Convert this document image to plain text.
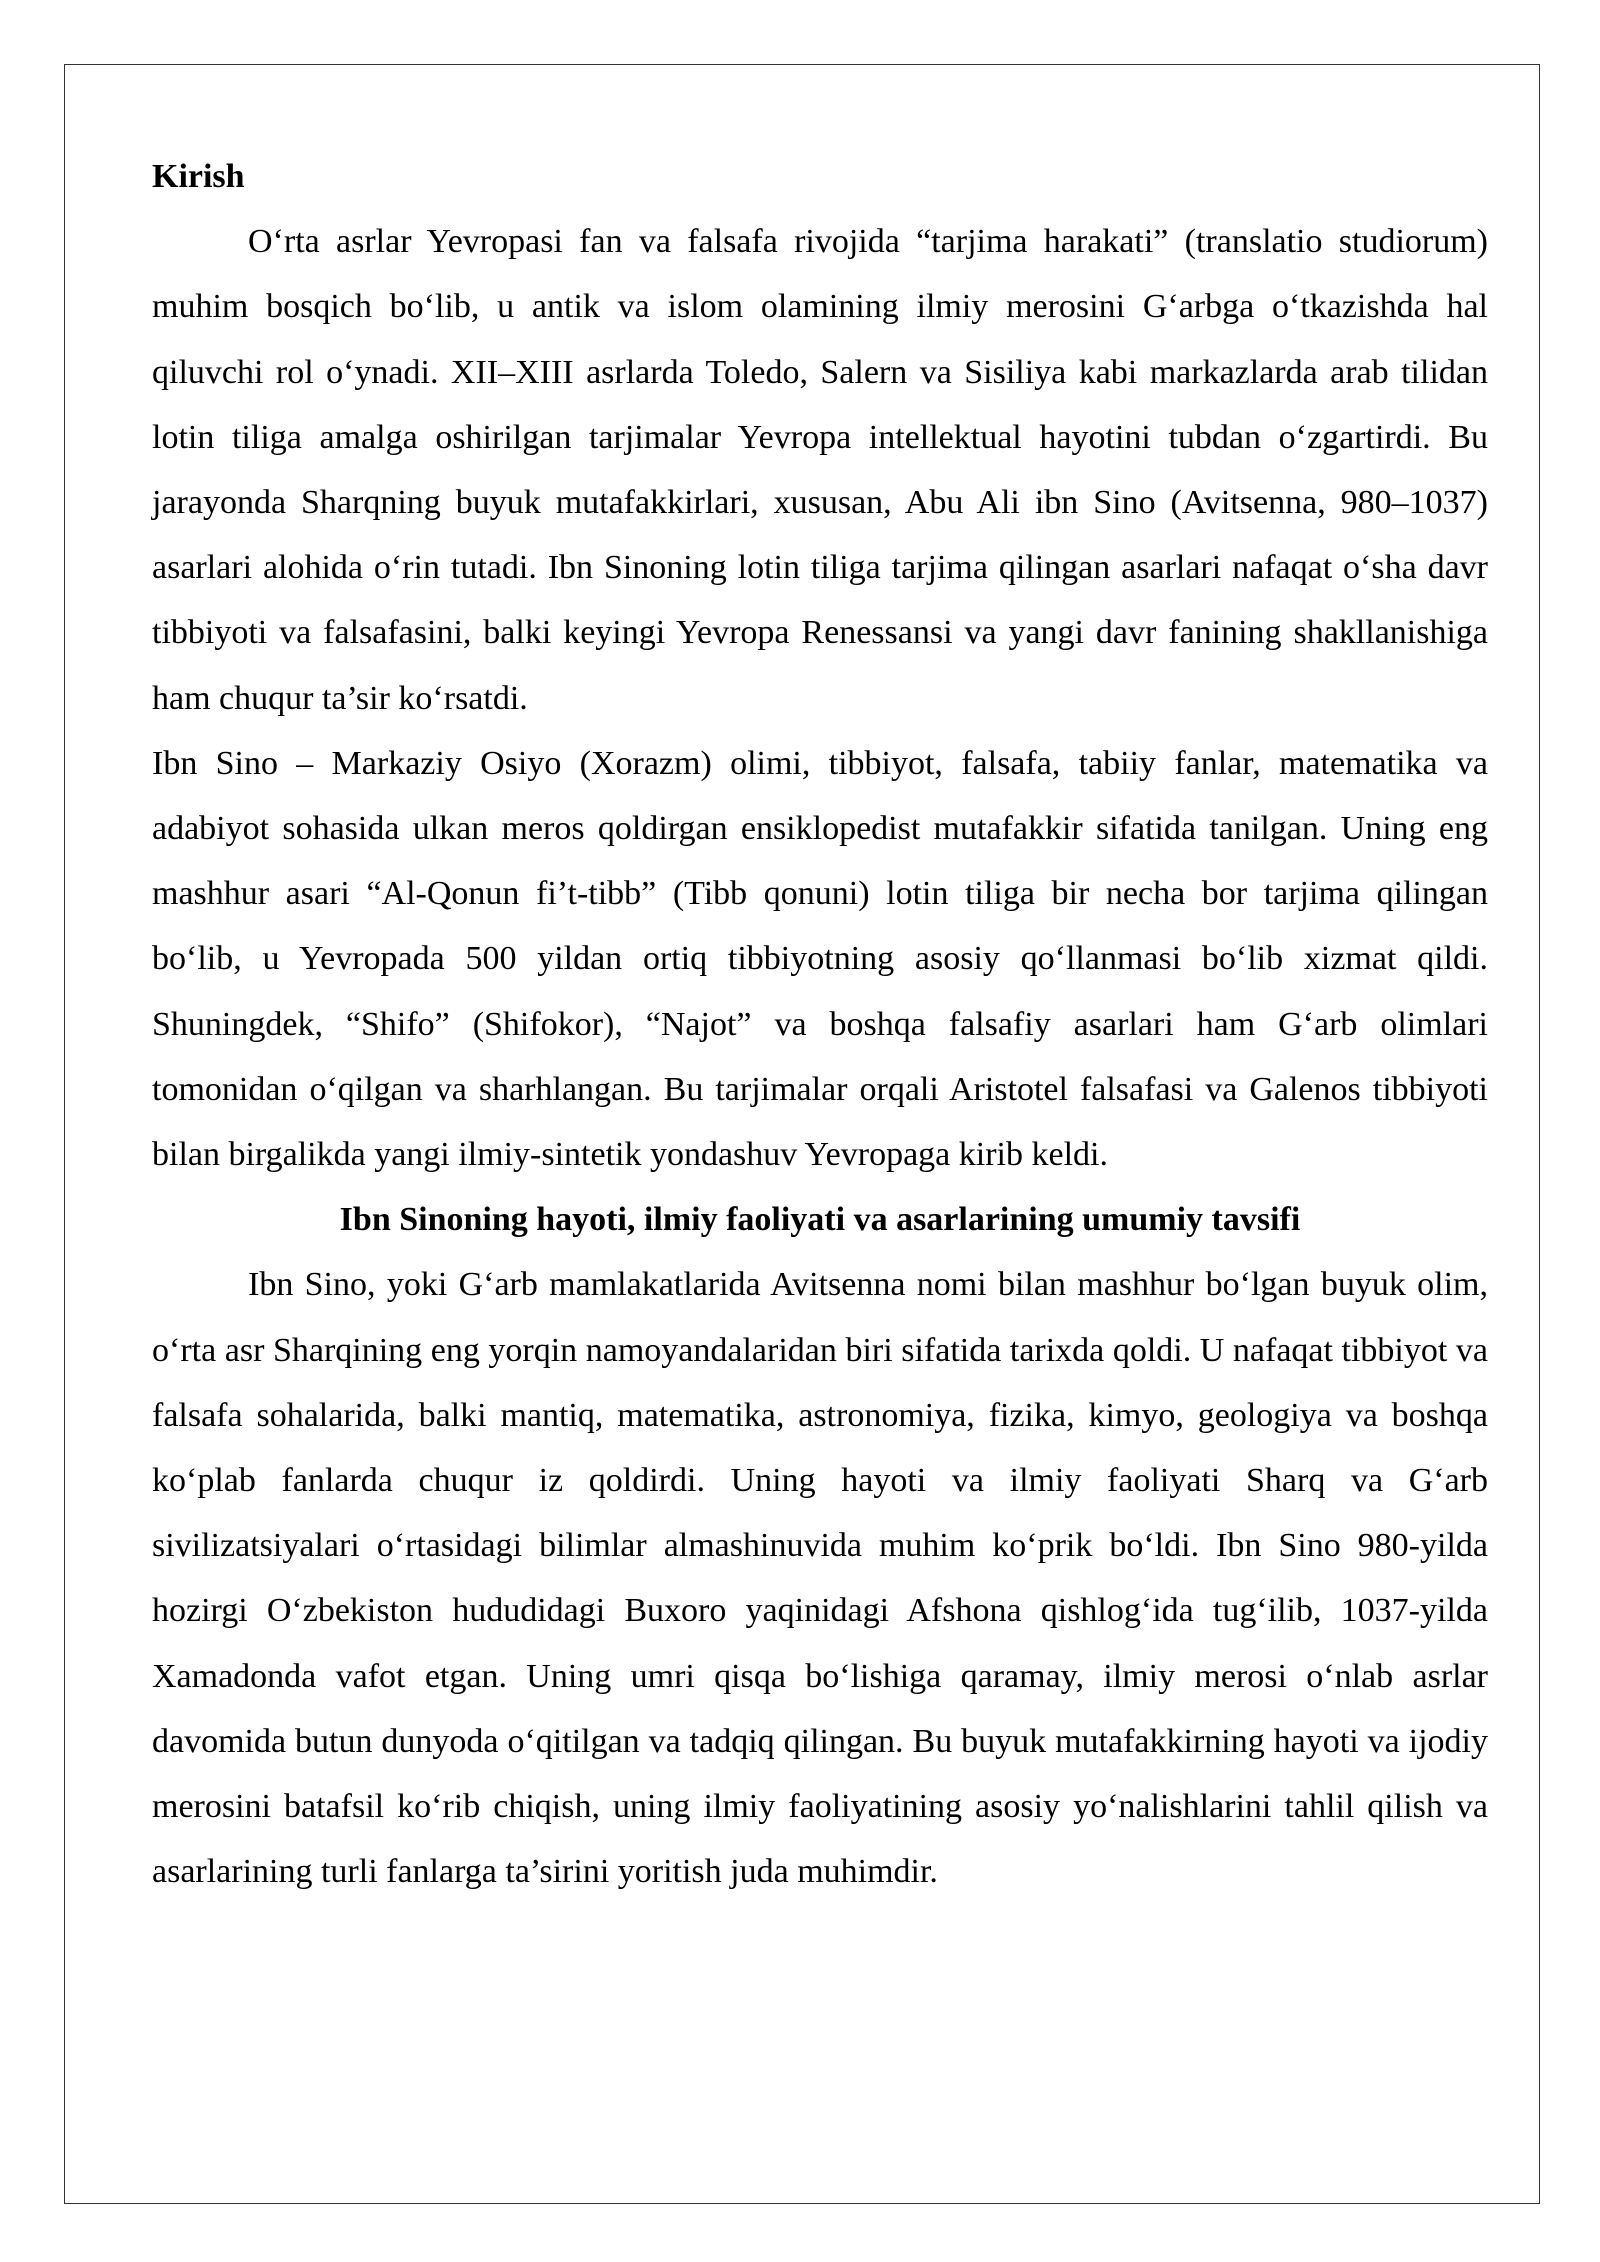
Kirish

O‘rta asrlar Yevropasi fan va falsafa rivojida “tarjima harakati” (translatio studiorum) muhim bosqich bo‘lib, u antik va islom olamining ilmiy merosini G‘arbga o‘tkazishda hal qiluvchi rol o‘ynadi. XII–XIII asrlarda Toledo, Salern va Sisiliya kabi markazlarda arab tilidan lotin tiliga amalga oshirilgan tarjimalar Yevropa intellektual hayotini tubdan o‘zgartirdi. Bu jarayonda Sharqning buyuk mutafakkirlari, xususan, Abu Ali ibn Sino (Avitsenna, 980–1037) asarlari alohida o‘rin tutadi. Ibn Sinoning lotin tiliga tarjima qilingan asarlari nafaqat o‘sha davr tibbiyoti va falsafasini, balki keyingi Yevropa Renessansi va yangi davr fanining shakllanishiga ham chuqur ta’sir ko‘rsatdi.

Ibn Sino – Markaziy Osiyo (Xorazm) olimi, tibbiyot, falsafa, tabiiy fanlar, matematika va adabiyot sohasida ulkan meros qoldirgan ensiklopedist mutafakkir sifatida tanilgan. Uning eng mashhur asari “Al-Qonun fi’t-tibb” (Tibb qonuni) lotin tiliga bir necha bor tarjima qilingan bo‘lib, u Yevropada 500 yildan ortiq tibbiyotning asosiy qo‘llanmasi bo‘lib xizmat qildi. Shuningdek, “Shifo” (Shifokor), “Najot” va boshqa falsafiy asarlari ham G‘arb olimlari tomonidan o‘qilgan va sharhlangan. Bu tarjimalar orqali Aristotel falsafasi va Galenos tibbiyoti bilan birgalikda yangi ilmiy-sintetik yondashuv Yevropaga kirib keldi.

Ibn Sinoning hayoti, ilmiy faoliyati va asarlarining umumiy tavsifi

Ibn Sino, yoki G‘arb mamlakatlarida Avitsenna nomi bilan mashhur bo‘lgan buyuk olim, o‘rta asr Sharqining eng yorqin namoyandalaridan biri sifatida tarixda qoldi. U nafaqat tibbiyot va falsafa sohalarida, balki mantiq, matematika, astronomiya, fizika, kimyo, geologiya va boshqa ko‘plab fanlarda chuqur iz qoldirdi. Uning hayoti va ilmiy faoliyati Sharq va G‘arb sivilizatsiyalari o‘rtasidagi bilimlar almashinuvida muhim ko‘prik bo‘ldi. Ibn Sino 980-yilda hozirgi O‘zbekiston hududidagi Buxoro yaqinidagi Afshona qishlog‘ida tug‘ilib, 1037-yilda Xamadonda vafot etgan. Uning umri qisqa bo‘lishiga qaramay, ilmiy merosi o‘nlab asrlar davomida butun dunyoda o‘qitilgan va tadqiq qilingan. Bu buyuk mutafakkirning hayoti va ijodiy merosini batafsil ko‘rib chiqish, uning ilmiy faoliyatining asosiy yo‘nalishlarini tahlil qilish va asarlarining turli fanlarga ta’sirini yoritish juda muhimdir.
